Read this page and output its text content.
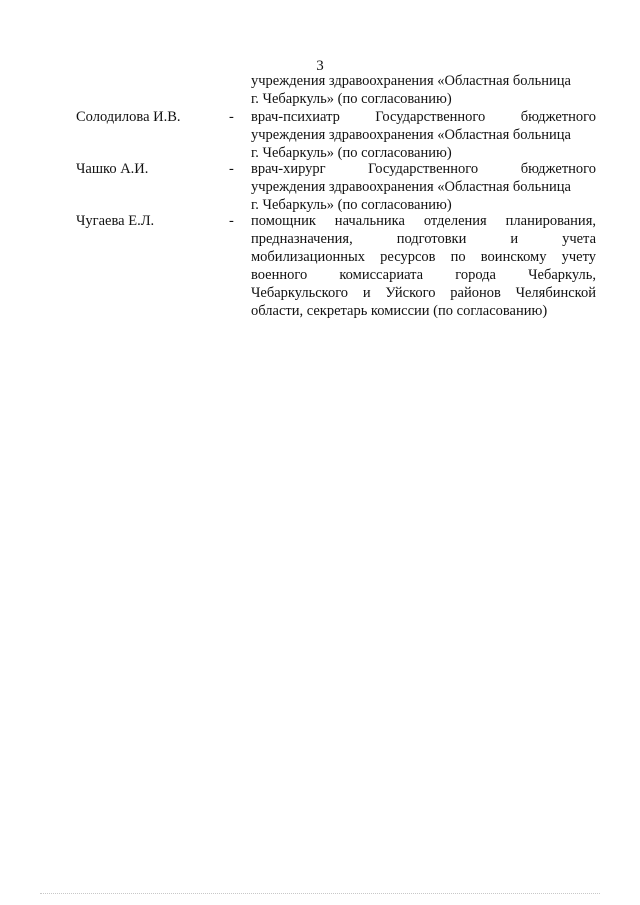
3
учреждения здравоохранения «Областная больница
г. Чебаркуль» (по согласованию)
Солодилова И.В.	- врач-психиатр Государственного бюджетного
учреждения здравоохранения «Областная больница
г. Чебаркуль» (по согласованию)
Чашко А.И.	- врач-хирург Государственного бюджетного
учреждения здравоохранения «Областная больница
г. Чебаркуль» (по согласованию)
Чугаева Е.Л.	- помощник начальника отделения планирования,
предназначения, подготовки и учета
мобилизационных ресурсов по воинскому учету
военного комиссариата города Чебаркуль,
Чебаркульского и Уйского районов Челябинской
области, секретарь комиссии (по согласованию)
